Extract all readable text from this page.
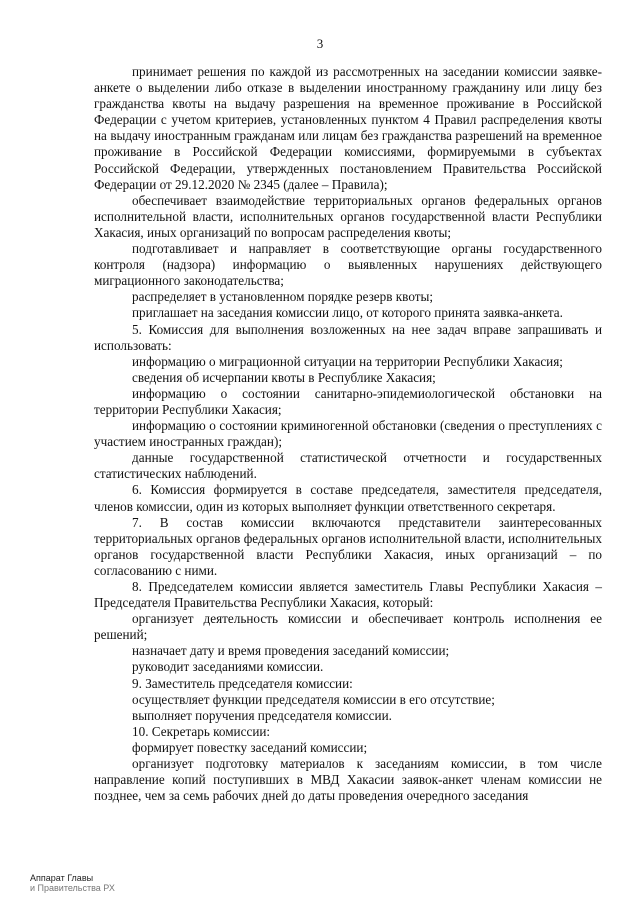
3

принимает решения по каждой из рассмотренных на заседании комиссии заявке-анкете о выделении либо отказе в выделении иностранному гражданину или лицу без гражданства квоты на выдачу разрешения на временное проживание в Российской Федерации с учетом критериев, установленных пунктом 4 Правил распределения квоты на выдачу иностранным гражданам или лицам без гражданства разрешений на временное проживание в Российской Федерации комиссиями, формируемыми в субъектах Российской Федерации, утвержденных постановлением Правительства Российской Федерации от 29.12.2020 № 2345 (далее – Правила);

обеспечивает взаимодействие территориальных органов федеральных органов исполнительной власти, исполнительных органов государственной власти Республики Хакасия, иных организаций по вопросам распределения квоты;

подготавливает и направляет в соответствующие органы государственного контроля (надзора) информацию о выявленных нарушениях действующего миграционного законодательства;

распределяет в установленном порядке резерв квоты;

приглашает на заседания комиссии лицо, от которого принята заявка-анкета.

5. Комиссия для выполнения возложенных на нее задач вправе запрашивать и использовать:

информацию о миграционной ситуации на территории Республики Хакасия;

сведения об исчерпании квоты в Республике Хакасия;

информацию о состоянии санитарно-эпидемиологической обстановки на территории Республики Хакасия;

информацию о состоянии криминогенной обстановки (сведения о преступлениях с участием иностранных граждан);

данные государственной статистической отчетности и государственных статистических наблюдений.

6. Комиссия формируется в составе председателя, заместителя председателя, членов комиссии, один из которых выполняет функции ответственного секретаря.

7. В состав комиссии включаются представители заинтересованных территориальных органов федеральных органов исполнительной власти, исполнительных органов государственной власти Республики Хакасия, иных организаций – по согласованию с ними.

8. Председателем комиссии является заместитель Главы Республики Хакасия – Председателя Правительства Республики Хакасия, который:

организует деятельность комиссии и обеспечивает контроль исполнения ее решений;

назначает дату и время проведения заседаний комиссии;

руководит заседаниями комиссии.

9. Заместитель председателя комиссии:

осуществляет функции председателя комиссии в его отсутствие;

выполняет поручения председателя комиссии.

10. Секретарь комиссии:

формирует повестку заседаний комиссии;

организует подготовку материалов к заседаниям комиссии, в том числе направление копий поступивших в МВД Хакасии заявок-анкет членам комиссии не позднее, чем за семь рабочих дней до даты проведения очередного заседания

Аппарат Главы
и Правительства РХ
